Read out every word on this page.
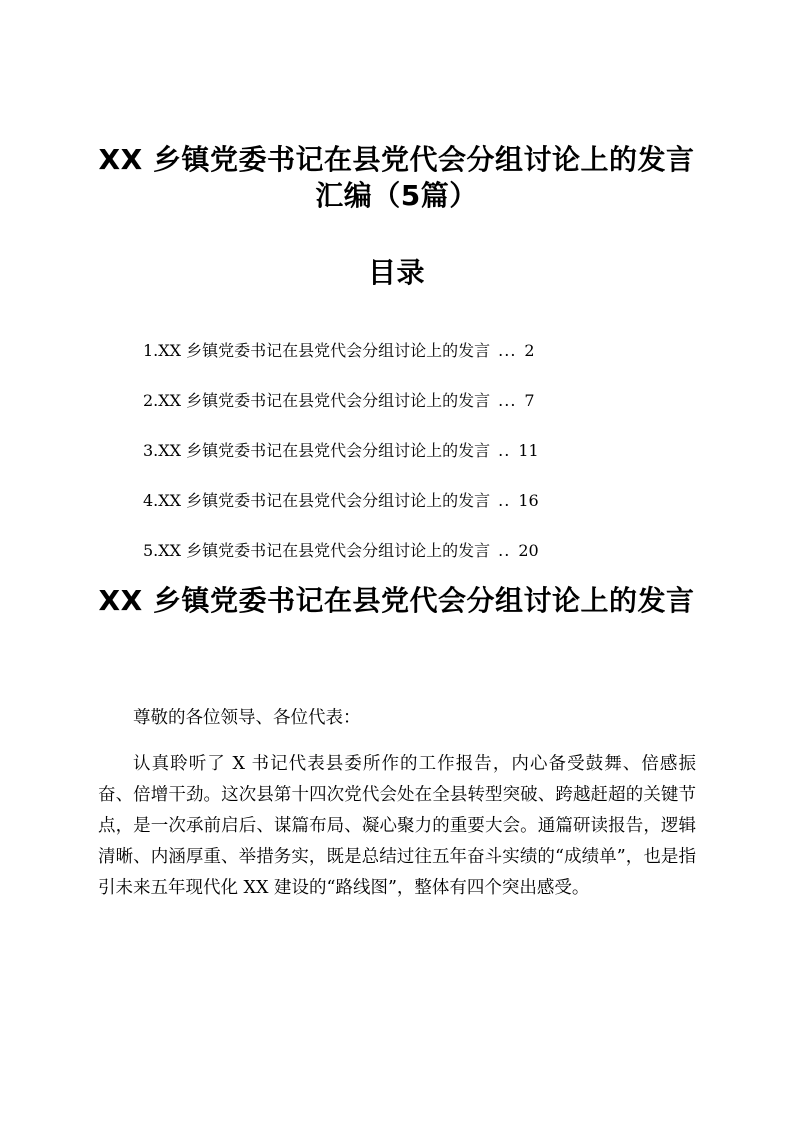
XX 乡镇党委书记在县党代会分组讨论上的发言汇编（5篇）
目录
1.XX 乡镇党委书记在县党代会分组讨论上的发言 ... 2
2.XX 乡镇党委书记在县党代会分组讨论上的发言 ... 7
3.XX 乡镇党委书记在县党代会分组讨论上的发言 .. 11
4.XX 乡镇党委书记在县党代会分组讨论上的发言 .. 16
5.XX 乡镇党委书记在县党代会分组讨论上的发言 .. 20
XX 乡镇党委书记在县党代会分组讨论上的发言

尊敬的各位领导、各位代表：

认真聆听了 X 书记代表县委所作的工作报告，内心备受鼓舞、倍感振奋、倍增干劲。这次县第十四次党代会处在全县转型突破、跨越赶超的关键节点，是一次承前启后、谋篇布局、凝心聚力的重要大会。通篇研读报告，逻辑清晰、内涵厚重、举措务实，既是总结过往五年奋斗实绩的“成绩单”，也是指引未来五年现代化 XX 建设的“路线图”，整体有四个突出感受。
